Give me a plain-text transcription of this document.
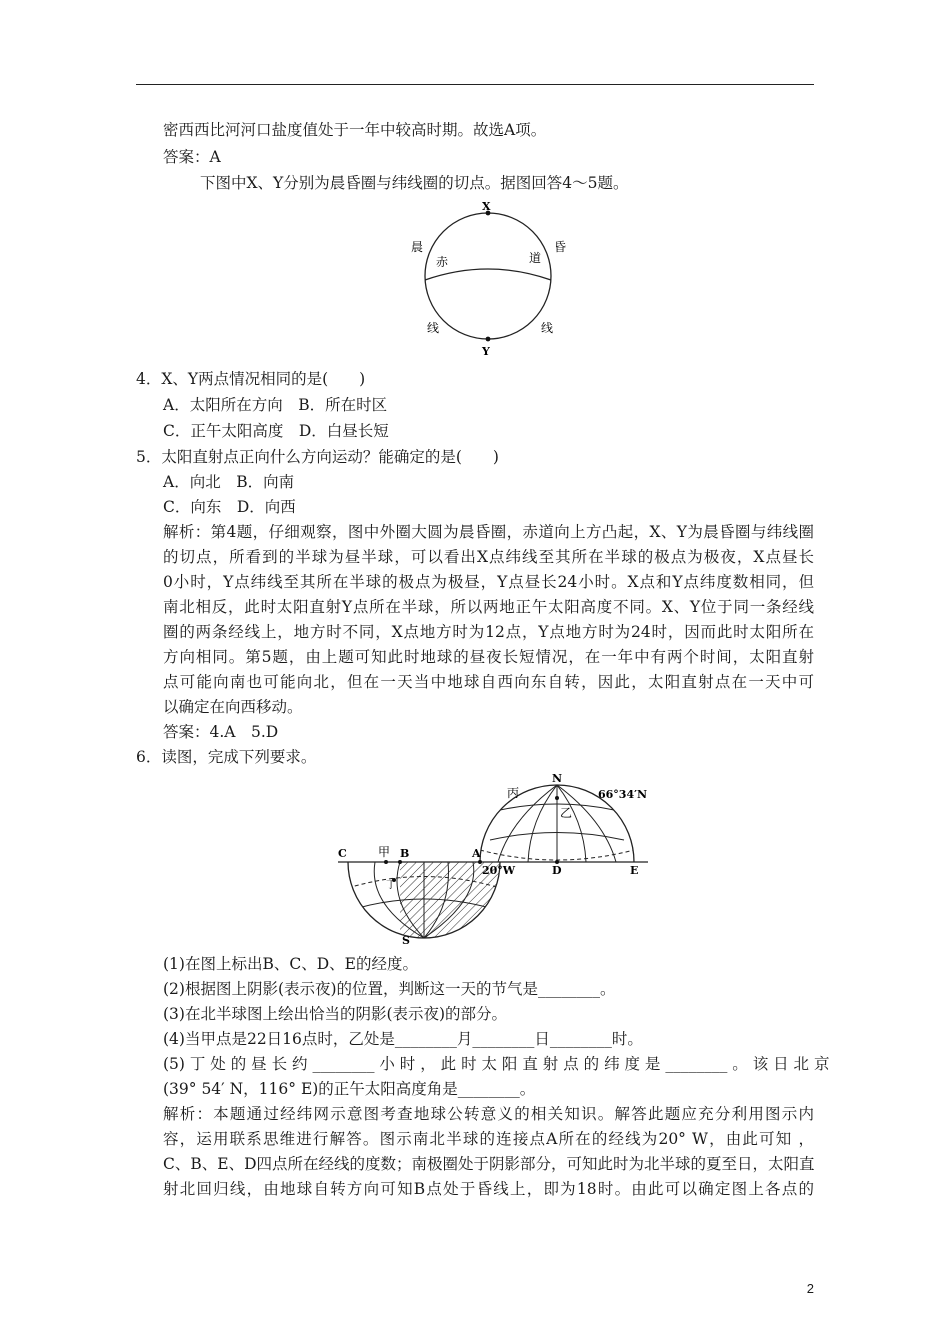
密西西比河河口盐度值处于一年中较高时期。故选A项。
答案：A
下图中X、Y分别为晨昏圈与纬线圈的切点。据图回答4～5题。
X
Y
晨	昏
赤	道
线	线
4．X、Y两点情况相同的是(　　)
A．太阳所在方向　B．所在时区
C．正午太阳高度　D．白昼长短
5．太阳直射点正向什么方向运动？能确定的是(　　)
A．向北　B．向南
C．向东　D．向西
解析：第4题，仔细观察，图中外圈大圆为晨昏圈，赤道向上方凸起，X、Y为晨昏圈与纬线圈
的切点，所看到的半球为昼半球，可以看出X点纬线至其所在半球的极点为极夜，X点昼长
0小时，Y点纬线至其所在半球的极点为极昼，Y点昼长24小时。X点和Y点纬度数相同，但
南北相反，此时太阳直射Y点所在半球，所以两地正午太阳高度不同。X、Y位于同一条经线
圈的两条经线上，地方时不同，X点地方时为12点，Y点地方时为24时，因而此时太阳所在
方向相同。第5题，由上题可知此时地球的昼夜长短情况，在一年中有两个时间，太阳直射
点可能向南也可能向北，但在一天当中地球自西向东自转，因此，太阳直射点在一天中可
以确定在向西移动。
答案：4.A　5.D
6．读图，完成下列要求。
C	甲 B	A
20°W	D	E
N
S
丙
乙
丁
66°34′N
(1)在图上标出B、C、D、E的经度。
(2)根据图上阴影(表示夜)的位置，判断这一天的节气是________。
(3)在北半球图上绘出恰当的阴影(表示夜)的部分。
(4)当甲点是22日16点时，乙处是________月________日________时。
(5) 丁 处 的 昼 长 约 ________ 小 时 ， 此 时 太 阳 直 射 点 的 纬 度 是 ________ 。 该 日 北 京
(39° 54′ N，116° E)的正午太阳高度角是________。
解析：本题通过经纬网示意图考查地球公转意义的相关知识。解答此题应充分利用图示内
容，运用联系思维进行解答。图示南北半球的连接点A所在的经线为20° W，由此可知 ，
C、B、E、D四点所在经线的度数；南极圈处于阴影部分，可知此时为北半球的夏至日，太阳直
射北回归线，由地球自转方向可知B点处于昏线上，即为18时。由此可以确定图上各点的
2
